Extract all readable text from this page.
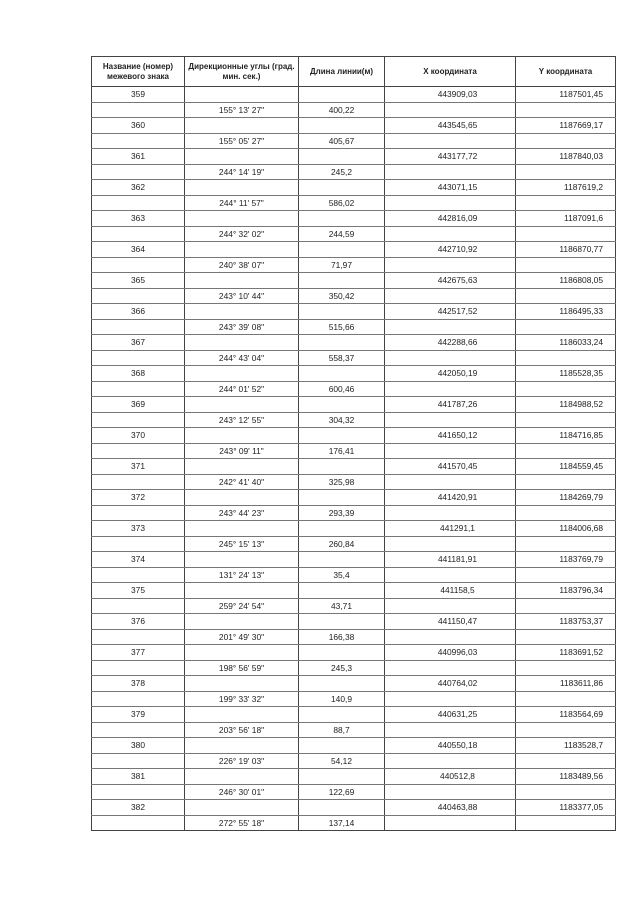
Название (номер) межевого знака	Дирекционные углы (град. мин. сек.)	Длина линии(м)	X координата	Y координата
359			443909,03	1187501,45
	155° 13' 27"	400,22		
360			443545,65	1187669,17
	155° 05' 27"	405,67		
361			443177,72	1187840,03
	244° 14' 19"	245,2		
362			443071,15	1187619,2
	244° 11' 57"	586,02		
363			442816,09	1187091,6
	244° 32' 02"	244,59		
364			442710,92	1186870,77
	240° 38' 07"	71,97		
365			442675,63	1186808,05
	243° 10' 44"	350,42		
366			442517,52	1186495,33
	243° 39' 08"	515,66		
367			442288,66	1186033,24
	244° 43' 04"	558,37		
368			442050,19	1185528,35
	244° 01' 52"	600,46		
369			441787,26	1184988,52
	243° 12' 55"	304,32		
370			441650,12	1184716,85
	243° 09' 11"	176,41		
371			441570,45	1184559,45
	242° 41' 40"	325,98		
372			441420,91	1184269,79
	243° 44' 23"	293,39		
373			441291,1	1184006,68
	245° 15' 13"	260,84		
374			441181,91	1183769,79
	131° 24' 13"	35,4		
375			441158,5	1183796,34
	259° 24' 54"	43,71		
376			441150,47	1183753,37
	201° 49' 30"	166,38		
377			440996,03	1183691,52
	198° 56' 59"	245,3		
378			440764,02	1183611,86
	199° 33' 32"	140,9		
379			440631,25	1183564,69
	203° 56' 18"	88,7		
380			440550,18	1183528,7
	226° 19' 03"	54,12		
381			440512,8	1183489,56
	246° 30' 01"	122,69		
382			440463,88	1183377,05
	272° 55' 18"	137,14		
